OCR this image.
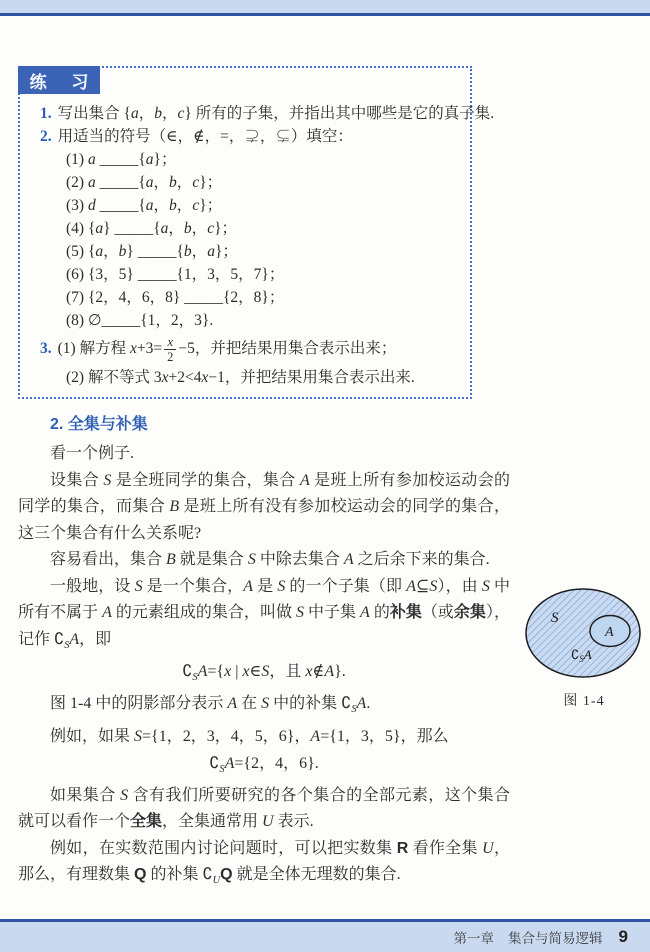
练 习
1. 写出集合 {a，b，c} 所有的子集，并指出其中哪些是它的真子集.
2. 用适当的符号（∈，∉，=，⊋，⊊）填空：
(1) a _____{a}；
(2) a _____{a，b，c}；
(3) d _____{a，b，c}；
(4) {a} _____{a，b，c}；
(5) {a，b} _____{b，a}；
(6) {3，5} _____{1，3，5，7}；
(7) {2，4，6，8} _____{2，8}；
(8) ∅_____{1，2，3}.
3. (1) 解方程 $x+3= \frac{x}{2} -5$，并把结果用集合表示出来；
(2) 解不等式 3x+2<4x−1，并把结果用集合表示出来.
2. 全集与补集

看一个例子.

设集合 S 是全班同学的集合，集合 A 是班上所有参加校运动会的同学的集合，而集合 B 是班上所有没有参加校运动会的同学的集合，这三个集合有什么关系呢?

容易看出，集合 B 就是集合 S 中除去集合 A 之后余下来的集合.

一般地，设 S 是一个集合，A 是 S 的一个子集（即 A⊆S），由 S 中所有不属于 A 的元素组成的集合，叫做 S 中子集 A 的补集（或余集），记作 $∁_SA$，即

$∁_SA=\{x$ | x∈S，且 x∉A}.

图 1-4 中的阴影部分表示 A 在 S 中的补集 $∁_SA$.

例如，如果 S={1，2，3，4，5，6}，A={1，3，5}，那么

$∁_SA=\{2$，4，6}.

如果集合 S 含有我们所要研究的各个集合的全部元素，这个集合就可以看作一个全集，全集通常用 U 表示.

例如，在实数范围内讨论问题时，可以把实数集 R 看作全集 U，那么，有理数集 Q 的补集 $∁_UQ$ 就是全体无理数的集合.

S
A
$∁_SA$
图 1-4
第一章 集合与简易逻辑 9
